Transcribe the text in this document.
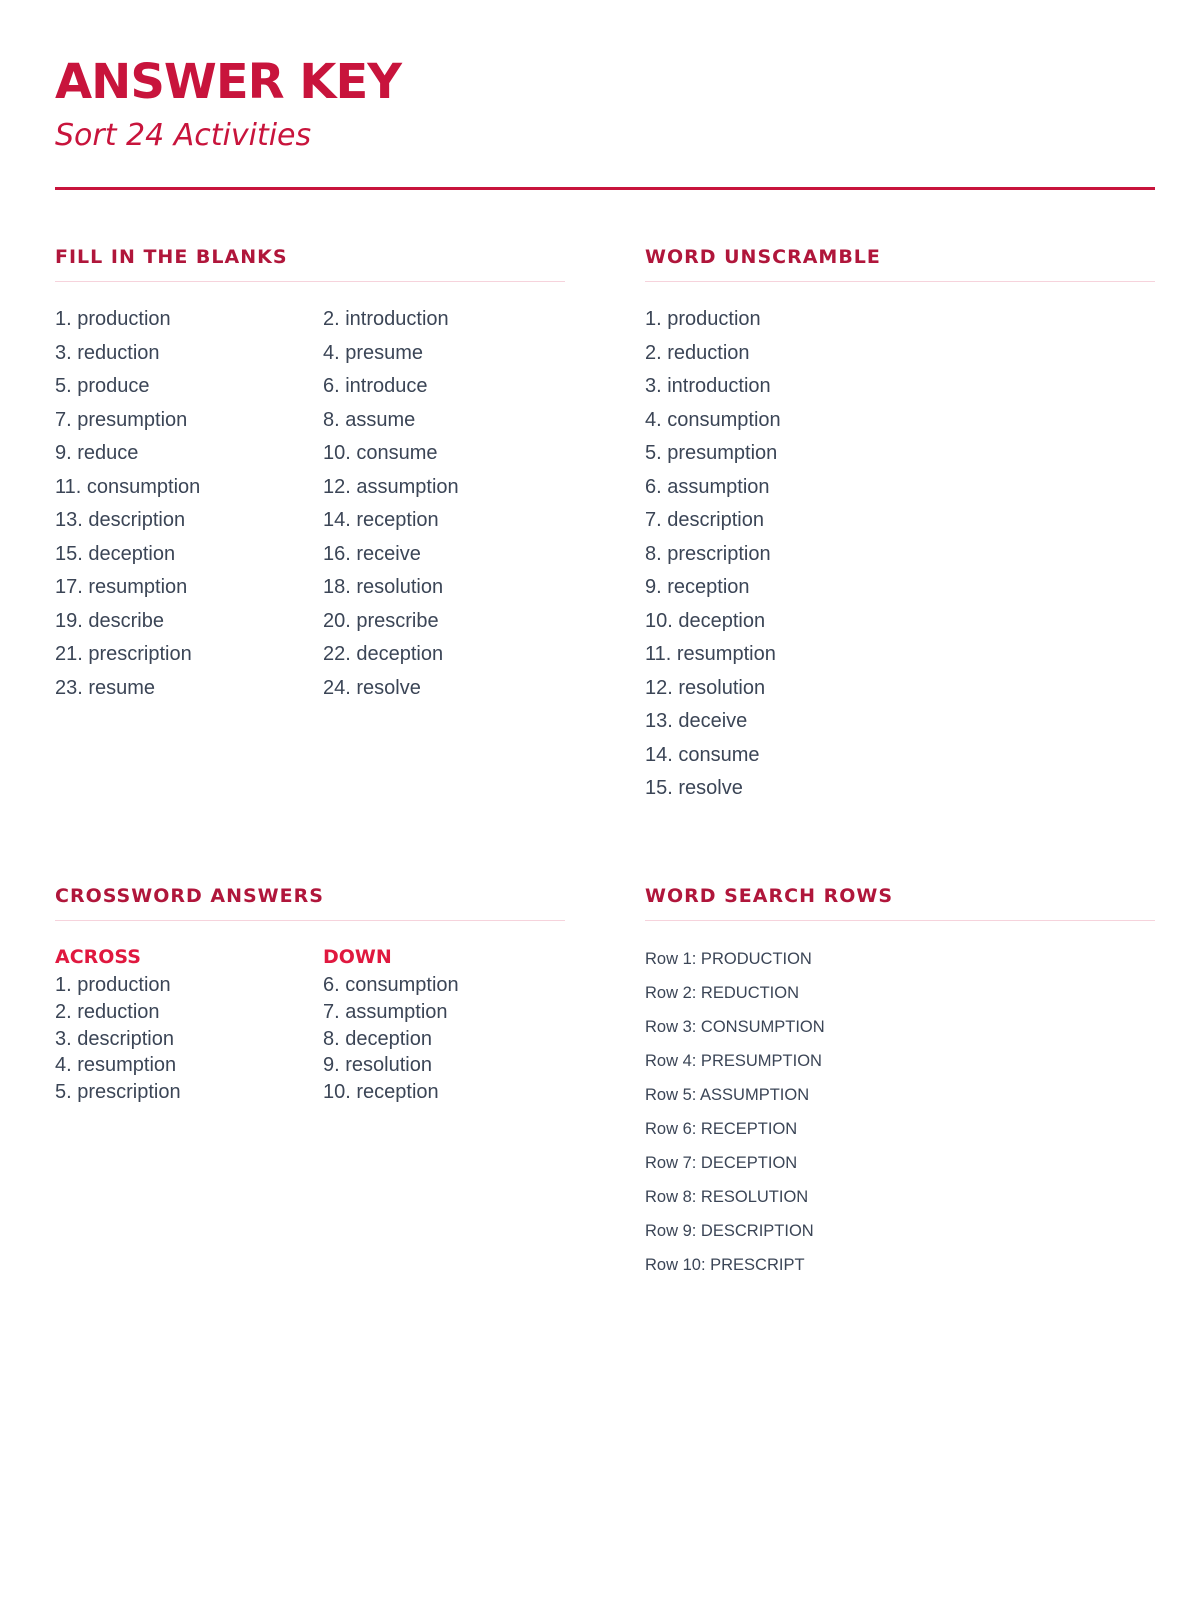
ANSWER KEY
Sort 24 Activities
FILL IN THE BLANKS
1. production
3. reduction
5. produce
7. presumption
9. reduce
11. consumption
13. description
15. deception
17. resumption
19. describe
21. prescription
23. resume
2. introduction
4. presume
6. introduce
8. assume
10. consume
12. assumption
14. reception
16. receive
18. resolution
20. prescribe
22. deception
24. resolve
WORD UNSCRAMBLE
1. production
2. reduction
3. introduction
4. consumption
5. presumption
6. assumption
7. description
8. prescription
9. reception
10. deception
11. resumption
12. resolution
13. deceive
14. consume
15. resolve
CROSSWORD ANSWERS
ACROSS
1. production
2. reduction
3. description
4. resumption
5. prescription
DOWN
6. consumption
7. assumption
8. deception
9. resolution
10. reception
WORD SEARCH ROWS
Row 1: PRODUCTION
Row 2: REDUCTION
Row 3: CONSUMPTION
Row 4: PRESUMPTION
Row 5: ASSUMPTION
Row 6: RECEPTION
Row 7: DECEPTION
Row 8: RESOLUTION
Row 9: DESCRIPTION
Row 10: PRESCRIPT
